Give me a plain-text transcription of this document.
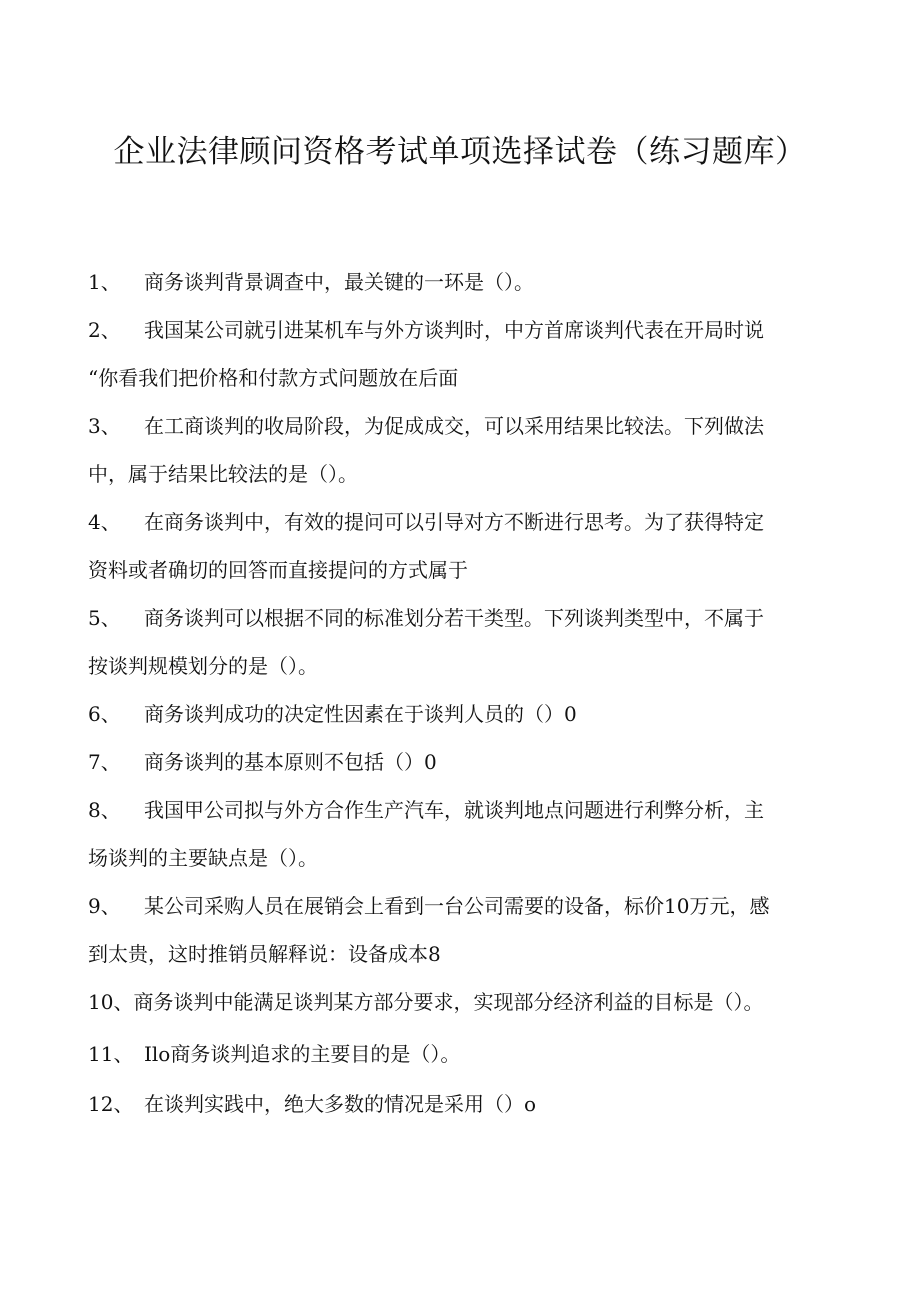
企业法律顾问资格考试单项选择试卷（练习题库）

1、 商务谈判背景调查中，最关键的一环是（）。

2、 我国某公司就引进某机车与外方谈判时，中方首席谈判代表在开局时说
“你看我们把价格和付款方式问题放在后面

3、 在工商谈判的收局阶段，为促成成交，可以采用结果比较法。下列做法
中，属于结果比较法的是（）。

4、 在商务谈判中，有效的提问可以引导对方不断进行思考。为了获得特定
资料或者确切的回答而直接提问的方式属于

5、 商务谈判可以根据不同的标准划分若干类型。下列谈判类型中，不属于
按谈判规模划分的是（）。

6、 商务谈判成功的决定性因素在于谈判人员的（）0

7、 商务谈判的基本原则不包括（）0

8、 我国甲公司拟与外方合作生产汽车，就谈判地点问题进行利弊分析，主
场谈判的主要缺点是（）。

9、 某公司采购人员在展销会上看到一台公司需要的设备，标价10万元，感
到太贵，这时推销员解释说：设备成本8

10、商务谈判中能满足谈判某方部分要求，实现部分经济利益的目标是（）。

11、 Ilo商务谈判追求的主要目的是（）。

12、 在谈判实践中，绝大多数的情况是采用（）o
